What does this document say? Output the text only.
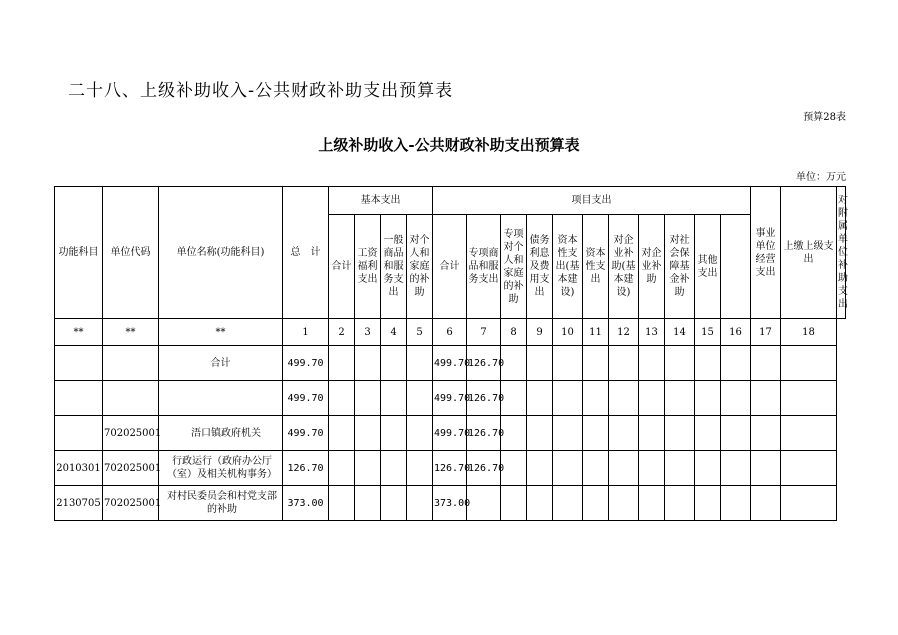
二十八、上级补助收入-公共财政补助支出预算表
预算28表
上级补助收入-公共财政补助支出预算表
单位：万元
功能科目	单位代码	单位名称(功能科目)	总　计	基本支出				项目支出											事业单位经营支出	上缴上级支出	对附属单位补助支出
				合计	工资福利支出	一般商品和服务支出	对个人和家庭的补助	合计	专项商品和服务支出	专项对个人和家庭的补助	债务利息及费用支出	资本性支出(基本建设)	资本性支出	对企业补助(基本建设)	对企业补助	对社会保障基金补助	其他支出				
**	**	**	1	2	3	4	5	6	7	8	9	10	11	12	13	14	15	16	17	18	
		合计	499.70					499.70	126.70												
			499.70					499.70	126.70												
	702025001	浯口镇政府机关	499.70					499.70	126.70												
2010301	702025001	行政运行（政府办公厅（室）及相关机构事务）	126.70					126.70	126.70												
2130705	702025001	对村民委员会和村党支部的补助	373.00					373.00													
